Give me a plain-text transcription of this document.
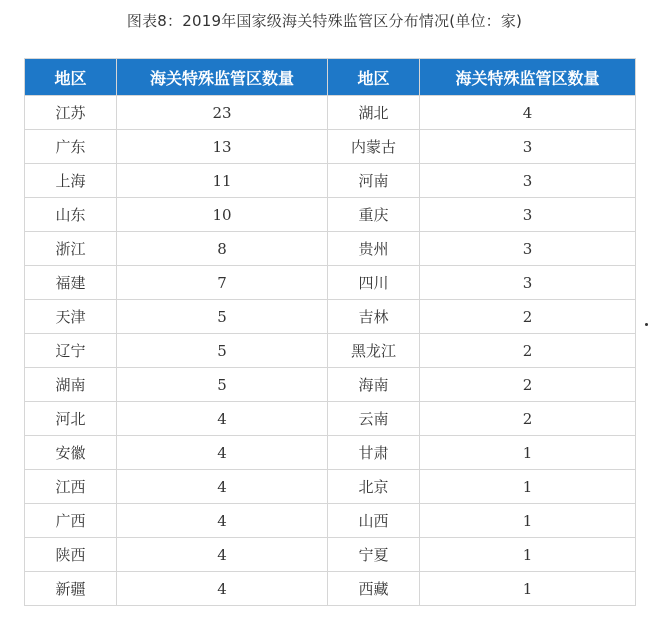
图表8：2019年国家级海关特殊监管区分布情况(单位：家)
地区	海关特殊监管区数量	地区	海关特殊监管区数量
江苏	23	湖北	4
广东	13	内蒙古	3
上海	11	河南	3
山东	10	重庆	3
浙江	8	贵州	3
福建	7	四川	3
天津	5	吉林	2
辽宁	5	黑龙江	2
湖南	5	海南	2
河北	4	云南	2
安徽	4	甘肃	1
江西	4	北京	1
广西	4	山西	1
陕西	4	宁夏	1
新疆	4	西藏	1
